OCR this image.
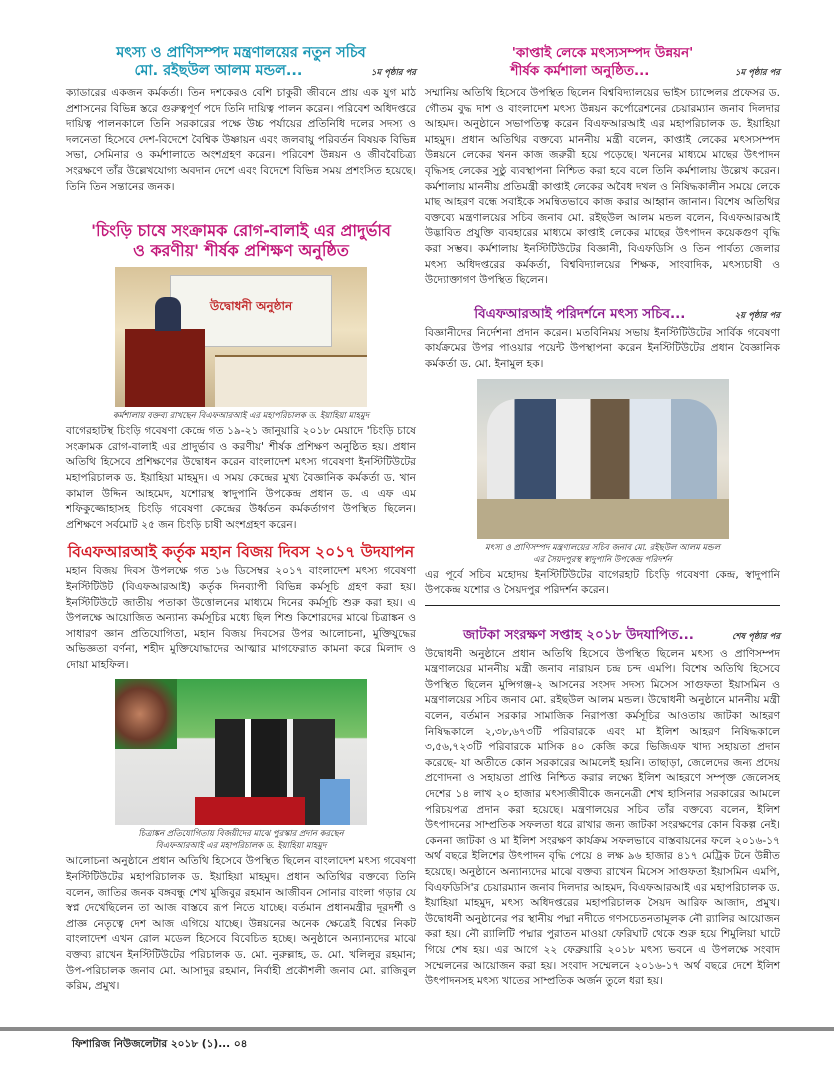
মৎস্য ও প্রাণিসম্পদ মন্ত্রণালয়ের নতুন সচিব

মো. রইছউল আলম মন্ডল...	১ম পৃষ্ঠার পর

ক্যাডারের একজন কর্মকর্তা। তিন দশকেরও বেশি চাকুরী জীবনে প্রায় এক যুগ মাঠ প্রশাসনের বিভিন্ন স্তরে গুরুত্বপূর্ণ পদে তিনি দায়িত্ব পালন করেন। পরিবেশ অধিদপ্তরে দায়িত্ব পালনকালে তিনি সরকারের পক্ষে উচ্চ পর্যায়ের প্রতিনিধি দলের সদস্য ও দলনেতা হিসেবে দেশ-বিদেশে বৈশ্বিক উষ্ণায়ন এবং জলবায়ু পরিবর্তন বিষয়ক বিভিন্ন সভা, সেমিনার ও কর্মশালাতে অংশগ্রহণ করেন। পরিবেশ উন্নয়ন ও জীববৈচিত্র্য সংরক্ষণে তাঁর উল্লেখযোগ্য অবদান দেশে এবং বিদেশে বিভিন্ন সময় প্রশংসিত হয়েছে। তিনি তিন সন্তানের জনক।

'চিংড়ি চাষে সংক্রামক রোগ-বালাই এর প্রাদুর্ভাব

ও করণীয়' শীর্ষক প্রশিক্ষণ অনুষ্ঠিত

উদ্বোধনী অনুষ্ঠান
কর্মশালায় বক্তব্য রাখছেন বিএফআরআই এর মহাপরিচালক ড. ইয়াহিয়া মাহমুদ

বাগেরহাটস্থ চিংড়ি গবেষণা কেন্দ্রে গত ১৯-২১ জানুয়ারি ২০১৮ মেয়াদে 'চিংড়ি চাষে সংক্রামক রোগ-বালাই এর প্রাদুর্ভাব ও করণীয়' শীর্ষক প্রশিক্ষণ অনুষ্ঠিত হয়। প্রধান অতিথি হিসেবে প্রশিক্ষণের উদ্বোধন করেন বাংলাদেশ মৎস্য গবেষণা ইনস্টিটিউটের মহাপরিচালক ড. ইয়াহিয়া মাহমুদ। এ সময় কেন্দ্রের মুখ্য বৈজ্ঞানিক কর্মকর্তা ড. খান কামাল উদ্দিন আহমেদ, যশোরস্থ স্বাদুপানি উপকেন্দ্র প্রধান ড. এ এফ এম শফিকুজ্জোহাসহ চিংড়ি গবেষণা কেন্দ্রের উর্ধ্বতন কর্মকর্তাগণ উপস্থিত ছিলেন। প্রশিক্ষণে সর্বমোট ২৫ জন চিংড়ি চাষী অংশগ্রহণ করেন।

বিএফআরআই কর্তৃক মহান বিজয় দিবস ২০১৭ উদযাপন

মহান বিজয় দিবস উপলক্ষে গত ১৬ ডিসেম্বর ২০১৭ বাংলাদেশ মৎস্য গবেষণা ইনস্টিটিউট (বিএফআরআই) কর্তৃক দিনব্যাপী বিভিন্ন কর্মসূচি গ্রহণ করা হয়। ইনস্টিটিউটে জাতীয় পতাকা উত্তোলনের মাধ্যমে দিনের কর্মসূচি শুরু করা হয়। এ উপলক্ষে আয়োজিত অন্যান্য কর্মসূচির মধ্যে ছিল শিশু কিশোরদের মাঝে চিত্রাঙ্কন ও সাধারণ জ্ঞান প্রতিযোগিতা, মহান বিজয় দিবসের উপর আলোচনা, মুক্তিযুদ্ধের অভিজ্ঞতা বর্ণনা, শহীদ মুক্তিযোদ্ধাদের আত্মার মাগফেরাত কামনা করে মিলাদ ও দোয়া মাহফিল।

চিত্রাঙ্কন প্রতিযোগিতায় বিজয়ীদের মাঝে পুরস্কার প্রদান করছেন
বিএফআরআই এর মহাপরিচালক ড. ইয়াহিয়া মাহমুদ

আলোচনা অনুষ্ঠানে প্রধান অতিথি হিসেবে উপস্থিত ছিলেন বাংলাদেশ মৎস্য গবেষণা ইনস্টিটিউটের মহাপরিচালক ড. ইয়াহিয়া মাহমুদ। প্রধান অতিথির বক্তব্যে তিনি বলেন, জাতির জনক বঙ্গবন্ধু শেখ মুজিবুর রহমান আজীবন সোনার বাংলা গড়ার যে স্বপ্ন দেখেছিলেন তা আজ বাস্তবে রূপ নিতে যাচ্ছে। বর্তমান প্রধানমন্ত্রীর দূরদর্শী ও প্রাজ্ঞ নেতৃত্বে দেশ আজ এগিয়ে যাচ্ছে। উন্নয়নের অনেক ক্ষেত্রেই বিশ্বের নিকট বাংলাদেশ এখন রোল মডেল হিসেবে বিবেচিত হচ্ছে। অনুষ্ঠানে অন্যান্যদের মাঝে বক্তব্য রাখেন ইনস্টিটিউটের পরিচালক ড. মো. নুরুল্লাহ, ড. মো. খলিলুর রহমান; উপ-পরিচালক জনাব মো. আসাদুর রহমান, নির্বাহী প্রকৌশলী জনাব মো. রাজিবুল করিম, প্রমুখ।

'কাপ্তাই লেকে মৎস্যসম্পদ উন্নয়ন'

শীর্ষক কর্মশালা অনুষ্ঠিত...	১ম পৃষ্ঠার পর

সম্মানিয় অতিথি হিসেবে উপস্থিত ছিলেন বিশ্ববিদ্যালয়ের ভাইস চ্যান্সেলর প্রফেসর ড. গৌতম বুদ্ধ দাশ ও বাংলাদেশ মৎস্য উন্নয়ন কর্পোরেশনের চেয়ারম্যান জনাব দিলদার আহমদ। অনুষ্ঠানে সভাপতিত্ব করেন বিএফআরআই এর মহাপরিচালক ড. ইয়াহিয়া মাহমুদ। প্রধান অতিথির বক্তব্যে মাননীয় মন্ত্রী বলেন, কাপ্তাই লেকের মৎস্যসম্পদ উন্নয়নে লেকের খনন কাজ জরুরী হয়ে পড়েছে। খননের মাধ্যমে মাছের উৎপাদন বৃদ্ধিসহ লেকের সুষ্ঠু ব্যবস্থাপনা নিশ্চিত করা হবে বলে তিনি কর্মশালায় উল্লেখ করেন। কর্মশালায় মাননীয় প্রতিমন্ত্রী কাপ্তাই লেকের অবৈধ দখল ও নিষিদ্ধকালীন সময়ে লেকে মাছ আহরণ বন্ধে সবাইকে সমন্বিতভাবে কাজ করার আহ্বান জানান। বিশেষ অতিথির বক্তব্যে মন্ত্রণালয়ের সচিব জনাব মো. রইছউল আলম মন্ডল বলেন, বিএফআরআই উদ্ভাবিত প্রযুক্তি ব্যবহারের মাধ্যমে কাপ্তাই লেকের মাছের উৎপাদন কয়েকগুণ বৃদ্ধি করা সম্ভব। কর্মশালায় ইনস্টিটিউটের বিজ্ঞানী, বিএফডিসি ও তিন পার্বত্য জেলার মৎস্য অধিদপ্তরের কর্মকর্তা, বিশ্ববিদ্যালয়ের শিক্ষক, সাংবাদিক, মৎস্যচাষী ও উদ্যোক্তাগণ উপস্থিত ছিলেন।

বিএফআরআই পরিদর্শনে মৎস্য সচিব...	২য় পৃষ্ঠার পর

বিজ্ঞানীদের নির্দেশনা প্রদান করেন। মতবিনিময় সভায় ইনস্টিটিউটের সার্বিক গবেষণা কার্যক্রমের উপর পাওয়ার পয়েন্ট উপস্থাপনা করেন ইনস্টিটিউটের প্রধান বৈজ্ঞানিক কর্মকর্তা ড. মো. ইনামুল হক।

মৎস্য ও প্রাণিসম্পদ মন্ত্রণালয়ের সচিব জনাব মো. রইছউল আলম মন্ডল
এর সৈয়দপুরস্থ স্বাদুপানি উপকেন্দ্র পরিদর্শন

এর পূর্বে সচিব মহোদয় ইনস্টিটিউটের বাগেরহাট চিংড়ি গবেষণা কেন্দ্র, স্বাদুপানি উপকেন্দ্র যশোর ও সৈয়দপুর পরিদর্শন করেন।

জাটকা সংরক্ষণ সপ্তাহ ২০১৮ উদযাপিত...	শেষ পৃষ্ঠার পর

উদ্বোধনী অনুষ্ঠানে প্রধান অতিথি হিসেবে উপস্থিত ছিলেন মৎস্য ও প্রাণিসম্পদ মন্ত্রণালয়ের মাননীয় মন্ত্রী জনাব নারায়ন চন্দ্র চন্দ এমপি। বিশেষ অতিথি হিসেবে উপস্থিত ছিলেন মুন্সিগঞ্জ-২ আসনের সংসদ সদস্য মিসেস সাগুফতা ইয়াসমিন ও মন্ত্রণালয়ের সচিব জনাব মো. রইছউল আলম মন্ডল। উদ্বোধনী অনুষ্ঠানে মাননীয় মন্ত্রী বলেন, বর্তমান সরকার সামাজিক নিরাপত্তা কর্মসূচির আওতায় জাটকা আহরণ নিষিদ্ধকালে ২,৩৮,৬৭৩টি পরিবারকে এবং মা ইলিশ আহরণ নিষিদ্ধকালে ৩,৫৬,৭২৩টি পরিবারকে মাসিক ৪০ কেজি করে ভিজিএফ খাদ্য সহায়তা প্রদান করেছে- যা অতীতে কোন সরকারের আমলেই হয়নি। তাছাড়া, জেলেদের জন্য প্রদেয় প্রণোদনা ও সহায়তা প্রাপ্তি নিশ্চিত করার লক্ষ্যে ইলিশ আহরণে সম্পৃক্ত জেলেসহ দেশের ১৪ লাখ ২০ হাজার মৎস্যজীবীকে জননেত্রী শেখ হাসিনার সরকারের আমলে পরিচয়পত্র প্রদান করা হয়েছে। মন্ত্রণালয়ের সচিব তাঁর বক্তব্যে বলেন, ইলিশ উৎপাদনের সাম্প্রতিক সফলতা ধরে রাখার জন্য জাটকা সংরক্ষণের কোন বিকল্প নেই। কেননা জাটকা ও মা ইলিশ সংরক্ষণ কার্যক্রম সফলভাবে বাস্তবায়নের ফলে ২০১৬-১৭ অর্থ বছরে ইলিশের উৎপাদন বৃদ্ধি পেয়ে ৪ লক্ষ ৯৬ হাজার ৪১৭ মেট্রিক টনে উন্নীত হয়েছে। অনুষ্ঠানে অন্যান্যদের মাঝে বক্তব্য রাখেন মিসেস সাগুফতা ইয়াসমিন এমপি, বিএফডিসি'র চেয়ারম্যান জনাব দিলদার আহমদ, বিএফআরআই এর মহাপরিচালক ড. ইয়াহিয়া মাহমুদ, মৎস্য অধিদপ্তরের মহাপরিচালক সৈয়দ আরিফ আজাদ, প্রমুখ। উদ্বোধনী অনুষ্ঠানের পর স্থানীয় পদ্মা নদীতে গণসচেতনতামূলক নৌ র‍্যালির আয়োজন করা হয়। নৌ র‍্যালিটি পদ্মার পুরাতন মাওয়া ফেরিঘাট থেকে শুরু হয়ে শিমুলিয়া ঘাটে গিয়ে শেষ হয়। এর আগে ২২ ফেব্রুয়ারি ২০১৮ মৎস্য ভবনে এ উপলক্ষে সংবাদ সম্মেলনের আয়োজন করা হয়। সংবাদ সম্মেলনে ২০১৬-১৭ অর্থ বছরে দেশে ইলিশ উৎপাদনসহ মৎস্য খাতের সাম্প্রতিক অর্জন তুলে ধরা হয়।

ফিশারিজ নিউজলেটার ২০১৮ (১)... ০৪
